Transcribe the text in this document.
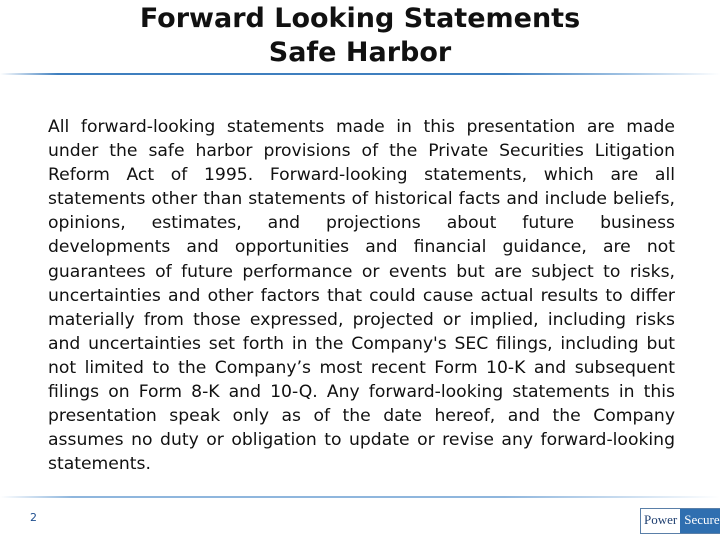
Forward Looking Statements
Safe Harbor
All forward-looking statements made in this presentation are made under the safe harbor provisions of the Private Securities Litigation Reform Act of 1995. Forward-looking statements, which are all statements other than statements of historical facts and include beliefs, opinions, estimates, and projections about future business developments and opportunities and financial guidance, are not guarantees of future performance or events but are subject to risks, uncertainties and other factors that could cause actual results to differ materially from those expressed, projected or implied, including risks and uncertainties set forth in the Company's SEC filings, including but not limited to the Company’s most recent Form 10-K and subsequent filings on Form 8-K and 10-Q. Any forward-looking statements in this presentation speak only as of the date hereof, and the Company assumes no duty or obligation to update or revise any forward-looking statements.
2	Power Secure
